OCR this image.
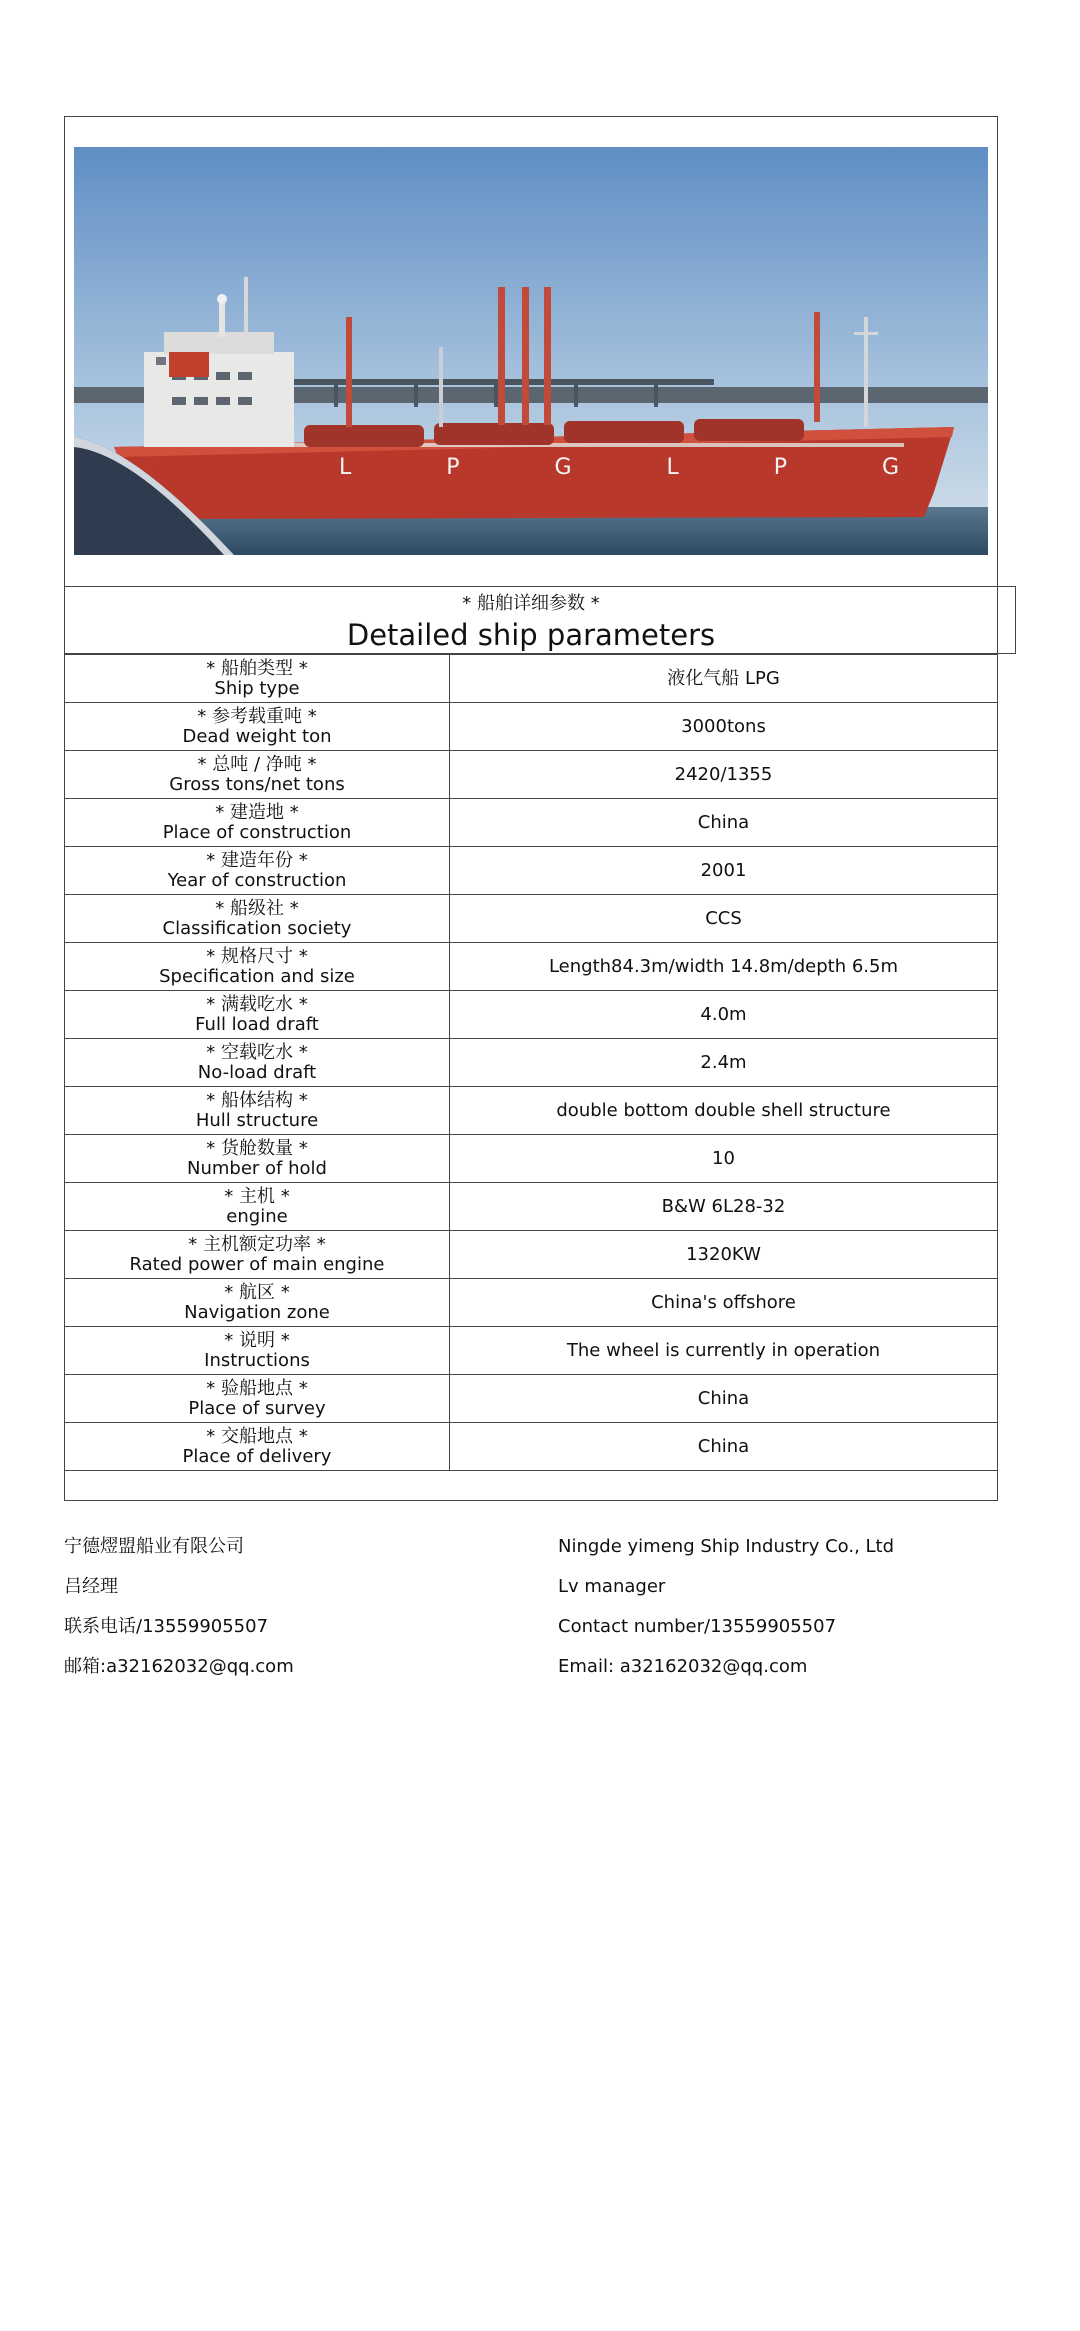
L P G L P G
* 船舶详细参数 *
Detailed ship parameters
* 船舶类型 *
Ship type	液化气船 LPG

* 参考载重吨 *
Dead weight ton	3000tons

* 总吨 / 净吨 *
Gross tons/net tons	2420/1355

* 建造地 *
Place of construction	China

* 建造年份 *
Year of construction	2001

* 船级社 *
Classification society	CCS

* 规格尺寸 *
Specification and size	Length84.3m/width 14.8m/depth 6.5m

* 满载吃水 *
Full load draft	4.0m

* 空载吃水 *
No-load draft	2.4m

* 船体结构 *
Hull structure	double bottom double shell structure

* 货舱数量 *
Number of hold	10

* 主机 *
engine	B&W 6L28-32

* 主机额定功率 *
Rated power of main engine	1320KW

* 航区 *
Navigation zone	China's offshore

* 说明 *
Instructions	The wheel is currently in operation

* 验船地点 *
Place of survey	China

* 交船地点 *
Place of delivery	China
宁德熤盟船业有限公司	Ningde yimeng Ship Industry Co., Ltd
吕经理	Lv manager
联系电话/13559905507	Contact number/13559905507
邮箱:a32162032@qq.com	Email: a32162032@qq.com
